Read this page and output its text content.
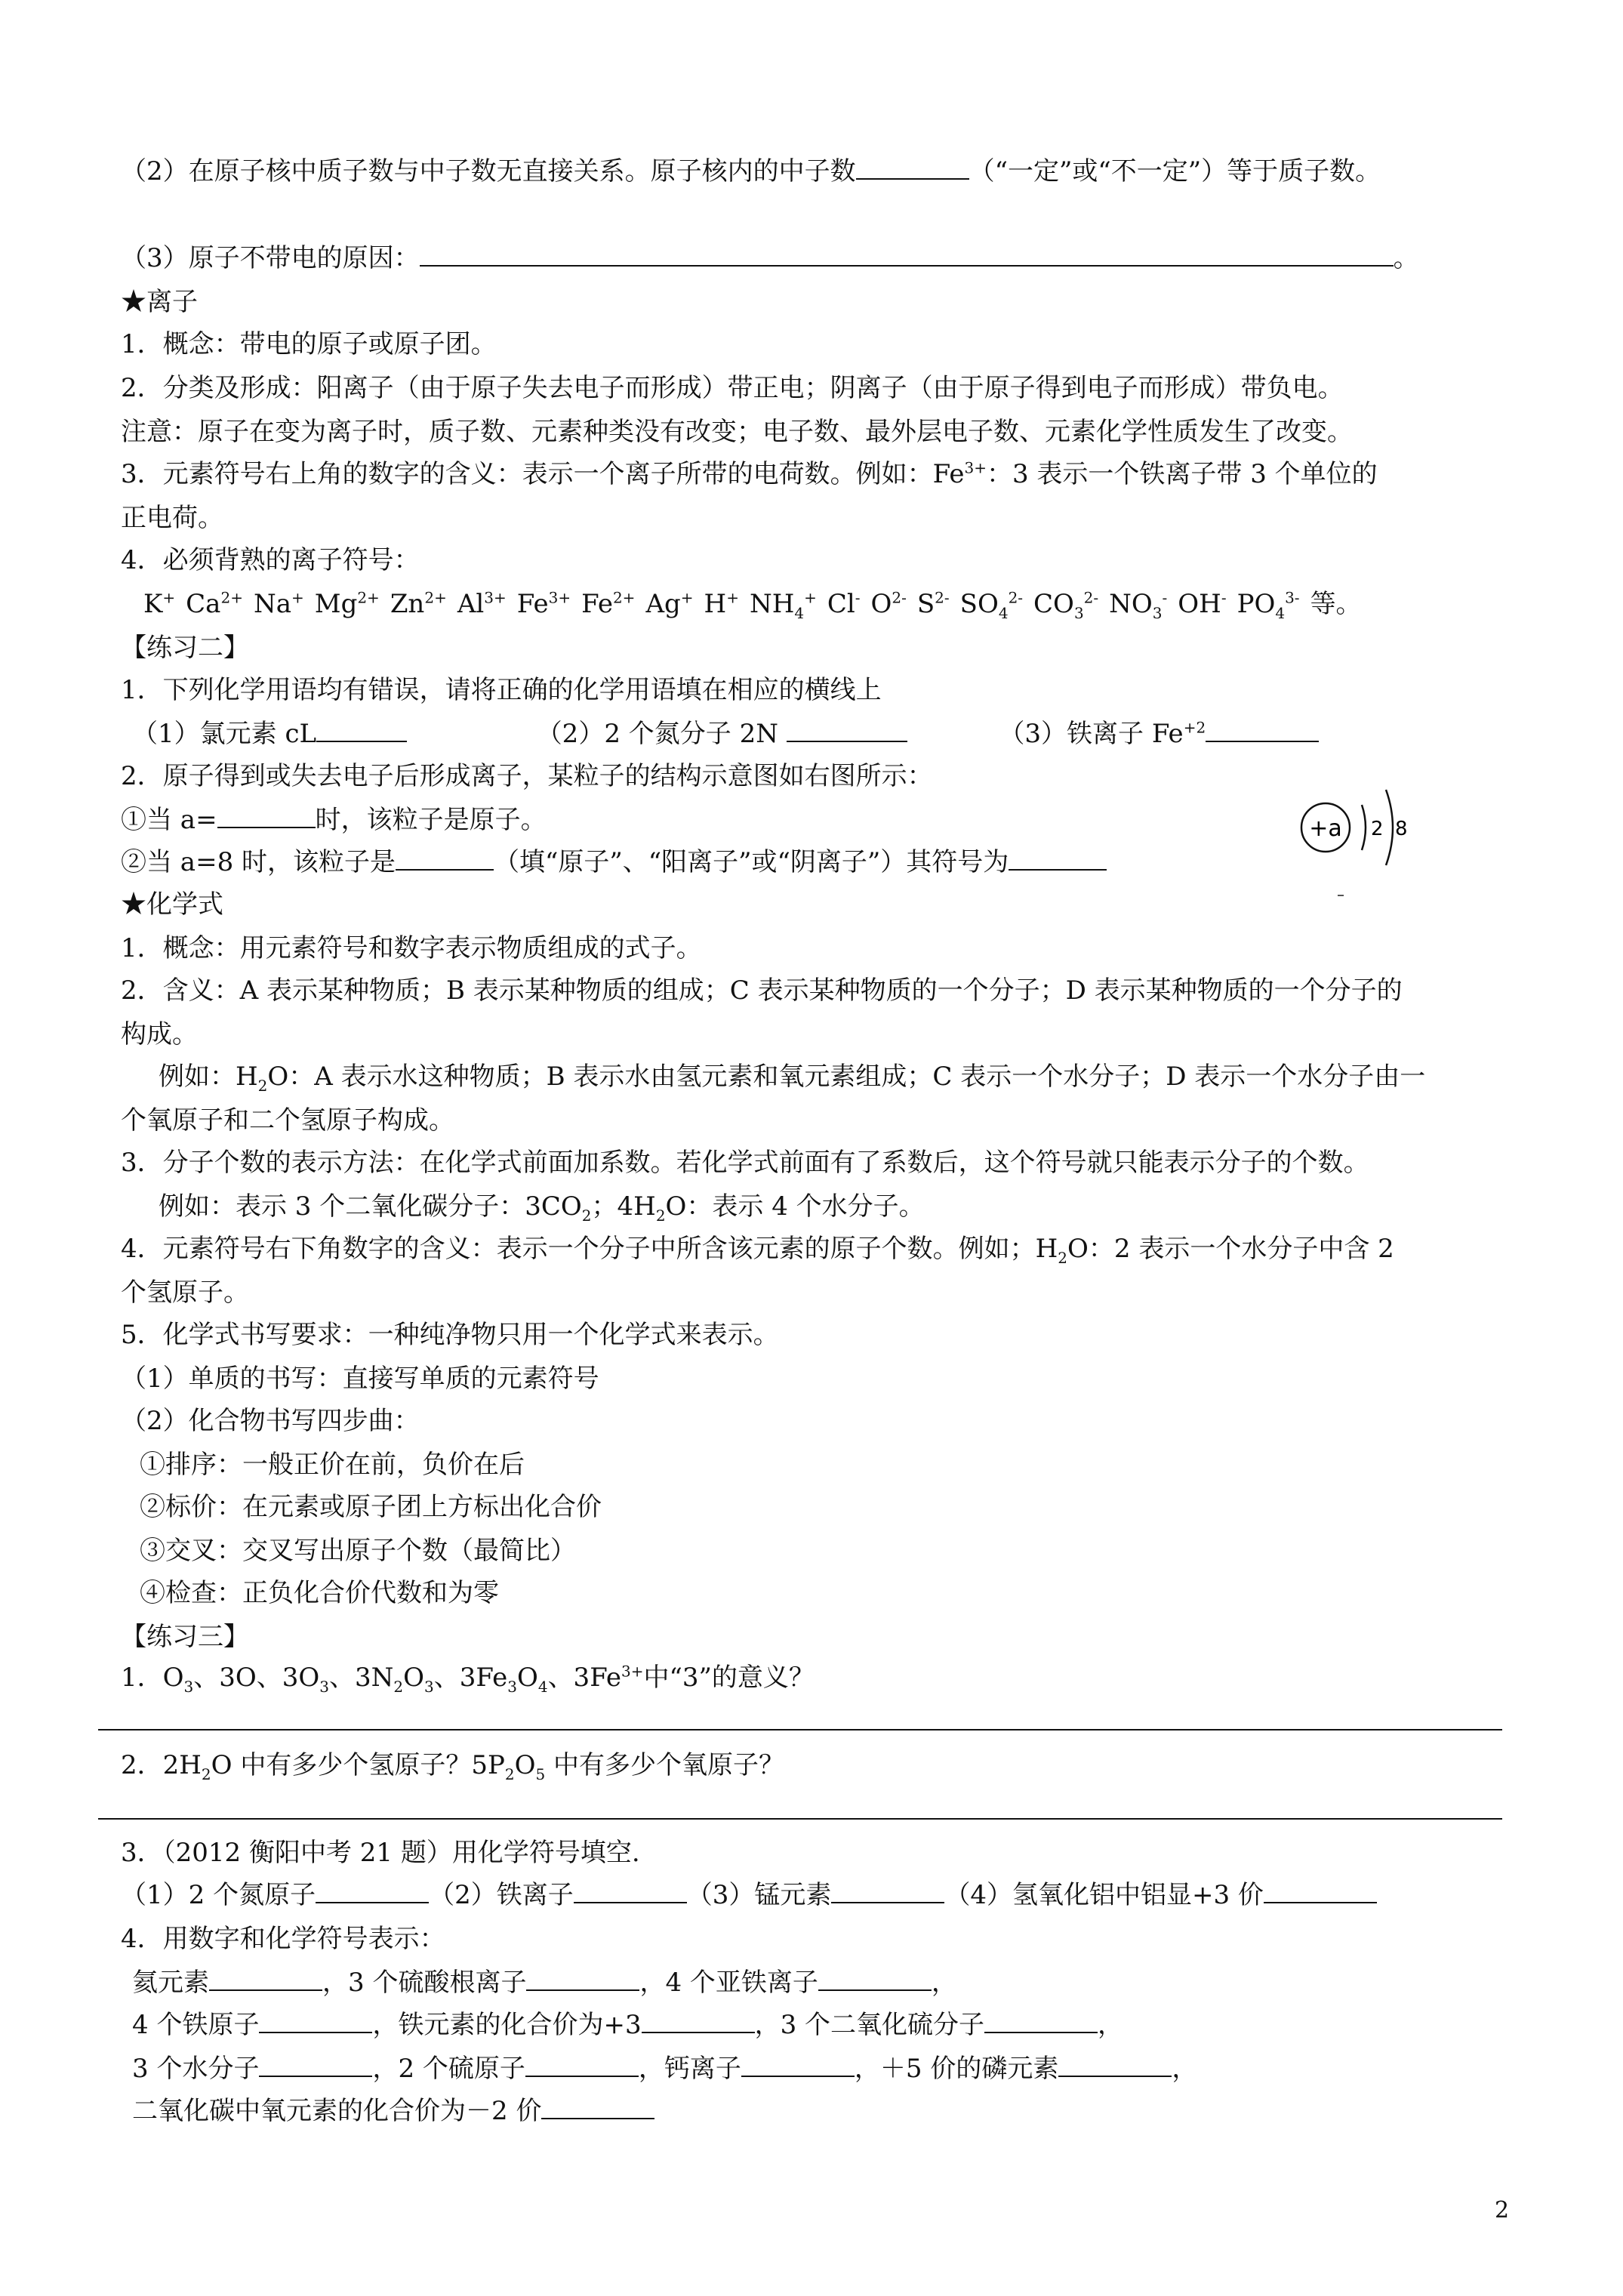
（2）在原子核中质子数与中子数无直接关系。原子核内的中子数	（“一定”或“不一定”）等于质子数。
（3）原子不带电的原因：	。
★离子
1．概念：带电的原子或原子团。
2．分类及形成：阳离子（由于原子失去电子而形成）带正电；阴离子（由于原子得到电子而形成）带负电。
注意：原子在变为离子时，质子数、元素种类没有改变；电子数、最外层电子数、元素化学性质发生了改变。
3．元素符号右上角的数字的含义：表示一个离子所带的电荷数。例如：$Fe^{3+}$：3 表示一个铁离子带 3 个单位的
正电荷。
4．必须背熟的离子符号：
K+ $Ca^{2+}$ Na+ $Mg^{2+}$ $Zn^{2+}$ $Al^{3+}$ $Fe^{3+}$ $Fe^{2+}$ Ag+ H+ $NH_4^+$ Cl- $O^{2-}$ $S^{2-}$ $SO_4^{2-}$ $CO_3^{2-}$ $NO_3^-$ OH- $PO_4^{3-}$ 等。
【练习二】
1．下列化学用语均有错误，请将正确的化学用语填在相应的横线上
（1）氯元素 cL	（2）2 个氮分子 2N	（3）铁离子 $Fe^{+2}$
2．原子得到或失去电子后形成离子，某粒子的结构示意图如右图所示：
①当 a=	时，该粒子是原子。
②当 a=8 时，该粒子是	（填“原子”、“阳离子”或“阴离子”）其符号为
+a 2 8
★化学式
1．概念：用元素符号和数字表示物质组成的式子。
2．含义：A 表示某种物质；B 表示某种物质的组成；C 表示某种物质的一个分子；D 表示某种物质的一个分子的
构成。
例如：$H_2O$：A 表示水这种物质；B 表示水由氢元素和氧元素组成；C 表示一个水分子；D 表示一个水分子由一
个氧原子和二个氢原子构成。
3．分子个数的表示方法：在化学式前面加系数。若化学式前面有了系数后，这个符号就只能表示分子的个数。
例如：表示 3 个二氧化碳分子：$3CO_2$；$4H_2O$：表示 4 个水分子。
4．元素符号右下角数字的含义：表示一个分子中所含该元素的原子个数。例如；$H_2O$：2 表示一个水分子中含 2
个氢原子。
5．化学式书写要求：一种纯净物只用一个化学式来表示。
（1）单质的书写：直接写单质的元素符号
（2）化合物书写四步曲：
①排序：一般正价在前，负价在后
②标价：在元素或原子团上方标出化合价
③交叉：交叉写出原子个数（最简比）
④检查：正负化合价代数和为零
【练习三】
1．$O_3$、3O、$3O_3$、$3N_2O_3$、$3Fe_3O_4$、$3Fe^{3+}$中“3”的意义？
2．$2H_2O$ 中有多少个氢原子？$5P_2O_5$ 中有多少个氧原子？
3．（2012 衡阳中考 21 题）用化学符号填空.
（1）2 个氮原子	（2）铁离子	（3）锰元素	（4）氢氧化铝中铝显+3 价
4．用数字和化学符号表示：
氦元素	，3 个硫酸根离子	，4 个亚铁离子	，
4 个铁原子	，铁元素的化合价为+3	，3 个二氧化硫分子	，
3 个水分子	，2 个硫原子	，钙离子	，＋5 价的磷元素	，
二氧化碳中氧元素的化合价为－2 价
2
